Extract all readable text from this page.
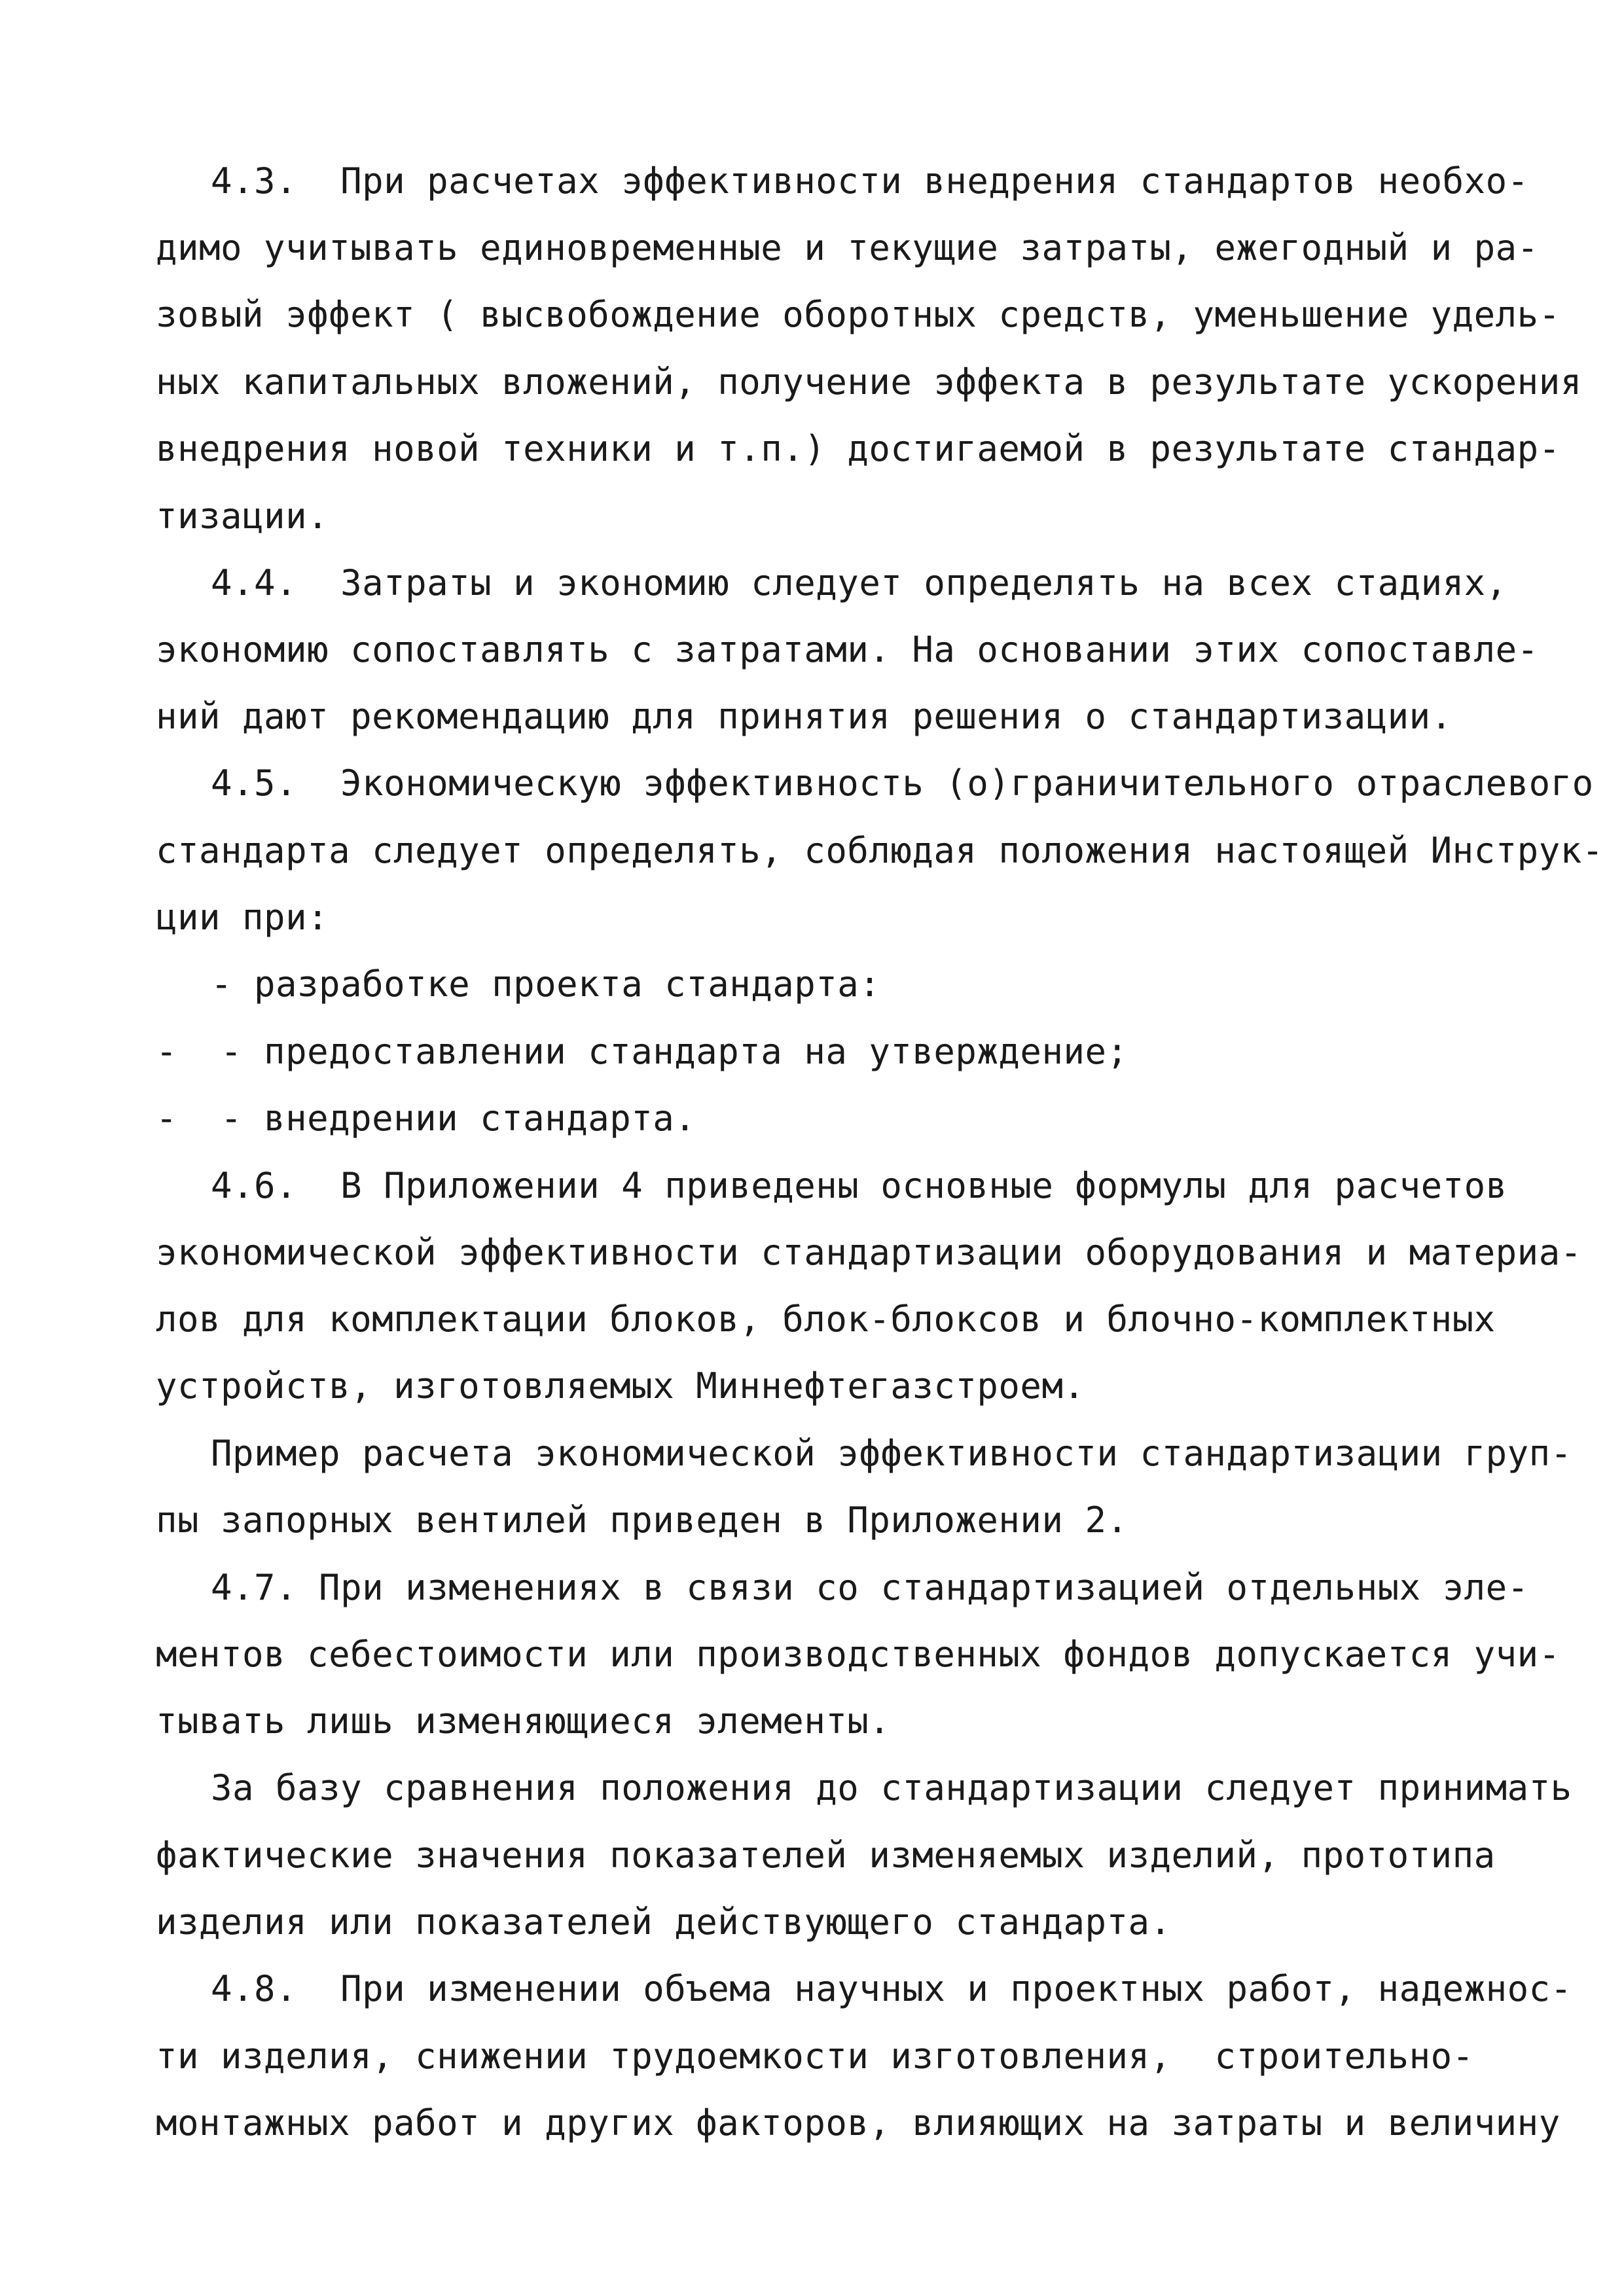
4.3.  При расчетах эффективности внедрения стандартов необхо-
димо учитывать единовременные и текущие затраты, ежегодный и ра-
зовый эффект ( высвобождение оборотных средств, уменьшение удель-
ных капитальных вложений, получение эффекта в результате ускорения
внедрения новой техники и т.п.) достигаемой в результате стандар-
тизации.
4.4.  Затраты и экономию следует определять на всех стадиях,
экономию сопоставлять с затратами. На основании этих сопоставле-
ний дают рекомендацию для принятия решения о стандартизации.
4.5.  Экономическую эффективность (о)граничительного отраслевого
стандарта следует определять, соблюдая положения настоящей Инструк-
ции при:
- разработке проекта стандарта:
-  - предоставлении стандарта на утверждение;
-  - внедрении стандарта.
4.6.  В Приложении 4 приведены основные формулы для расчетов
экономической эффективности стандартизации оборудования и материа-
лов для комплектации блоков, блок-блоксов и блочно-комплектных
устройств, изготовляемых Миннефтегазстроем.
Пример расчета экономической эффективности стандартизации груп-
пы запорных вентилей приведен в Приложении 2.
4.7. При изменениях в связи со стандартизацией отдельных эле-
ментов себестоимости или производственных фондов допускается учи-
тывать лишь изменяющиеся элементы.
За базу сравнения положения до стандартизации следует принимать
фактические значения показателей изменяемых изделий, прототипа
изделия или показателей действующего стандарта.
4.8.  При изменении объема научных и проектных работ, надежнос-
ти изделия, снижении трудоемкости изготовления,  строительно-
монтажных работ и других факторов, влияющих на затраты и величину
